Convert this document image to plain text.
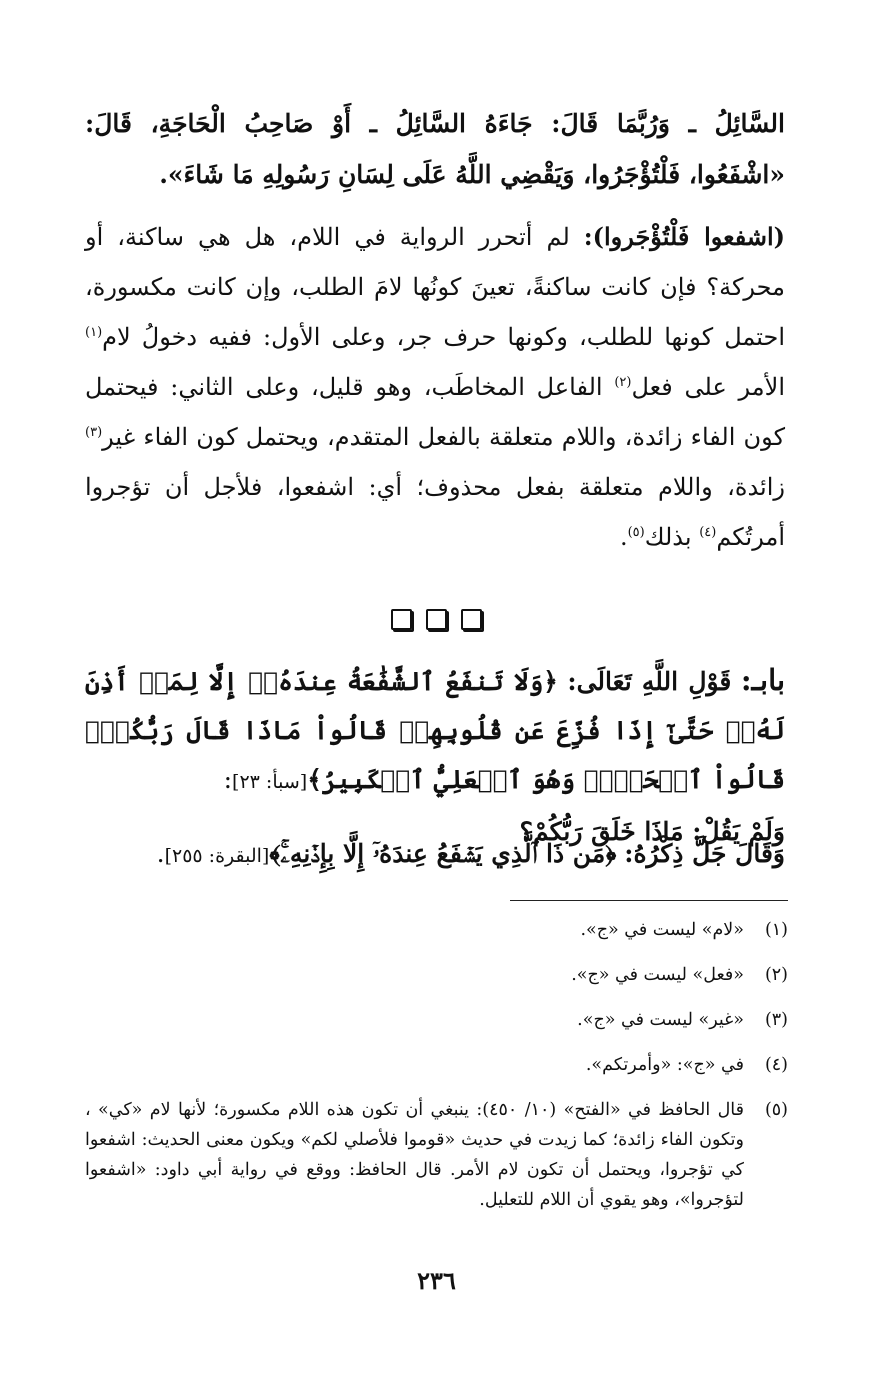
السَّائِلُ ـ وَرُبَّمَا قَالَ: جَاءَهُ السَّائِلُ ـ أَوْ صَاحِبُ الْحَاجَةِ، قَالَ: «اشْفَعُوا، فَلْتُؤْجَرُوا، وَيَقْضِي اللَّهُ عَلَى لِسَانِ رَسُولِهِ مَا شَاءَ».

(اشفعوا فَلْتُؤْجَروا): لم أتحرر الرواية في اللام، هل هي ساكنة، أو محركة؟ فإن كانت ساكنةً، تعينَ كونُها لامَ الطلب، وإن كانت مكسورة، احتمل كونها للطلب، وكونها حرف جر، وعلى الأول: ففيه دخولُ لام$^{(١)}$ الأمر على فعل$^{(٢)}$ الفاعل المخاطَب، وهو قليل، وعلى الثاني: فيحتمل كون الفاء زائدة، واللام متعلقة بالفعل المتقدم، ويحتمل كون الفاء غير$^{(٣)}$ زائدة، واللام متعلقة بفعل محذوف؛ أي: اشفعوا، فلأجل أن تؤجروا أمرتُكم$^{(٤)}$ بذلك$^{(٥)}$.

بابـ: قَوْلِ اللَّهِ تَعَالَى: ﴿وَلَا تَنفَعُ ٱلشَّفَٰعَةُ عِندَهُۥٓ إِلَّا لِمَنۡ أَذِنَ لَهُۥۚ حَتَّىٰٓ إِذَا فُزِّعَ عَن قُلُوبِهِمۡ قَالُواْ مَاذَا قَالَ رَبُّكُمۡۖ قَالُواْ ٱلۡحَقَّۖ وَهُوَ ٱلۡعَلِيُّ ٱلۡكَبِيرُ﴾[سبأ: ٢٣]:
وَلَمْ يَقُلْ: مَاذَا خَلَقَ رَبُّكُمْ؟

وَقَالَ جَلَّ ذِكْرُهُ: ﴿مَن ذَا ٱلَّذِي يَشۡفَعُ عِندَهُۥٓ إِلَّا بِإِذۡنِهِۦۚ﴾[البقرة: ٢٥٥].

(١)
«لام» ليست في «ج».
(٢)
«فعل» ليست في «ج».
(٣)
«غير» ليست في «ج».
(٤)
في «ج»: «وأمرتكم».
(٥)
قال الحافظ في «الفتح» (١٠/ ٤٥٠): ينبغي أن تكون هذه اللام مكسورة؛ لأنها لام «كي» ، وتكون الفاء زائدة؛ كما زيدت في حديث «قوموا فلأصلي لكم» ويكون معنى الحديث: اشفعوا كي تؤجروا، ويحتمل أن تكون لام الأمر. قال الحافظ: ووقع في رواية أبي داود: «اشفعوا لتؤجروا»، وهو يقوي أن اللام للتعليل.
٢٣٦
